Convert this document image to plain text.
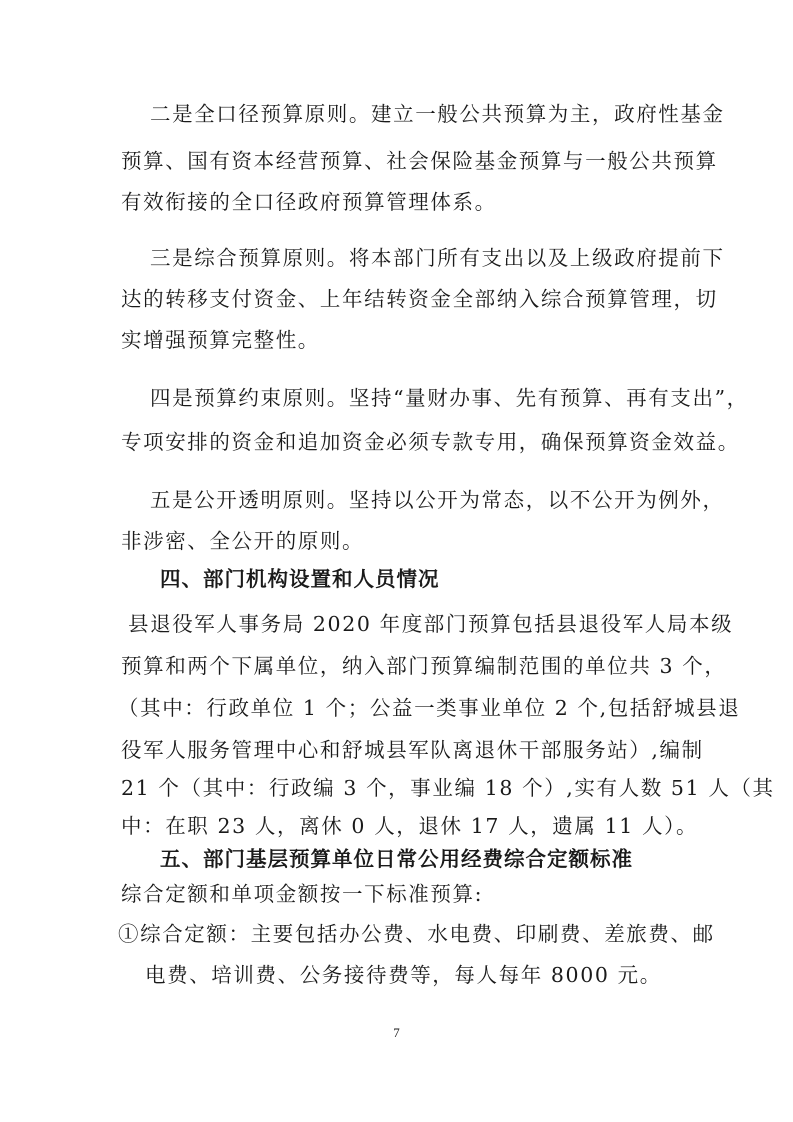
二是全口径预算原则。建立一般公共预算为主，政府性基金
预算、国有资本经营预算、社会保险基金预算与一般公共预算
有效衔接的全口径政府预算管理体系。
三是综合预算原则。将本部门所有支出以及上级政府提前下
达的转移支付资金、上年结转资金全部纳入综合预算管理，切
实增强预算完整性。
四是预算约束原则。坚持“量财办事、先有预算、再有支出”，
专项安排的资金和追加资金必须专款专用，确保预算资金效益。
五是公开透明原则。坚持以公开为常态，以不公开为例外，
非涉密、全公开的原则。
四、部门机构设置和人员情况
县退役军人事务局 2020 年度部门预算包括县退役军人局本级
预算和两个下属单位，纳入部门预算编制范围的单位共 3 个，
（其中：行政单位 1 个；公益一类事业单位 2 个,包括舒城县退
役军人服务管理中心和舒城县军队离退休干部服务站）,编制
21 个（其中：行政编 3 个，事业编 18 个）,实有人数 51 人（其
中：在职 23 人，离休 0 人，退休 17 人，遗属 11 人）。
五、部门基层预算单位日常公用经费综合定额标准
综合定额和单项金额按一下标准预算:
①综合定额：主要包括办公费、水电费、印刷费、差旅费、邮
电费、培训费、公务接待费等，每人每年 8000 元。
7
